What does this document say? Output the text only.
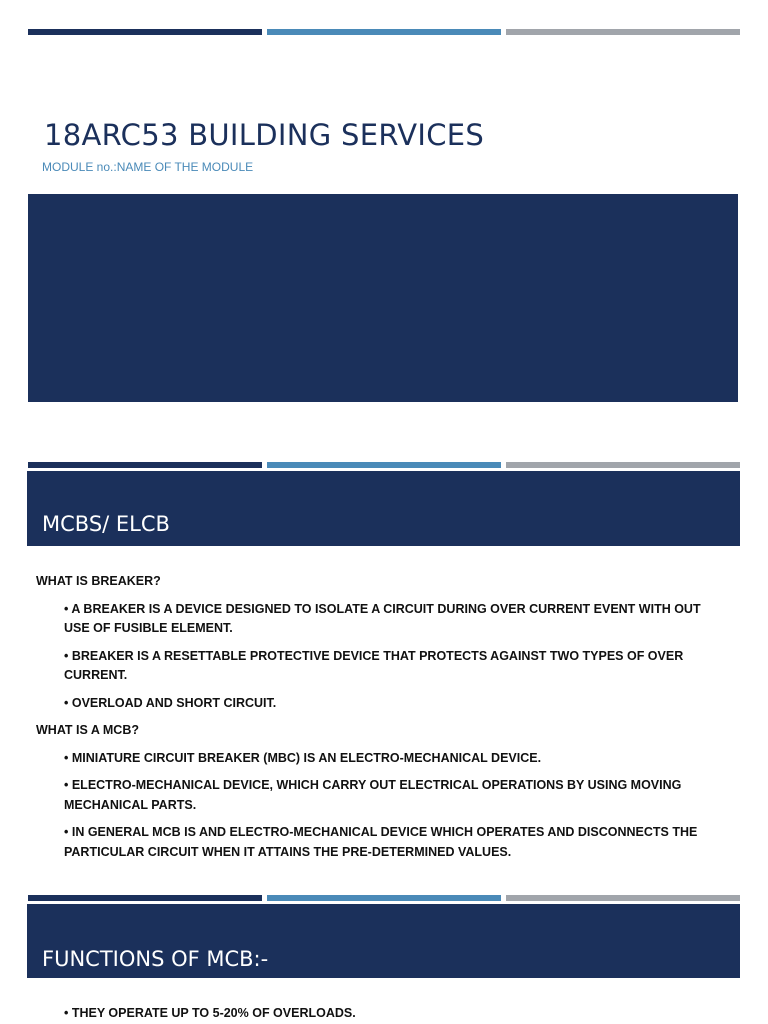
18ARC53 BUILDING SERVICES

MODULE no.:NAME OF THE MODULE

MCBS/ ELCB

WHAT IS BREAKER?

• A BREAKER IS A DEVICE DESIGNED TO ISOLATE A CIRCUIT DURING OVER CURRENT EVENT WITH OUT USE OF FUSIBLE ELEMENT.

• BREAKER IS A RESETTABLE PROTECTIVE DEVICE THAT PROTECTS AGAINST TWO TYPES OF OVER CURRENT.

• OVERLOAD AND SHORT CIRCUIT.

WHAT IS A MCB?

• MINIATURE CIRCUIT BREAKER (MBC) IS AN ELECTRO-MECHANICAL DEVICE.

• ELECTRO-MECHANICAL DEVICE, WHICH CARRY OUT ELECTRICAL OPERATIONS BY USING MOVING MECHANICAL PARTS.

• IN GENERAL MCB IS AND ELECTRO-MECHANICAL DEVICE WHICH OPERATES AND DISCONNECTS THE PARTICULAR CIRCUIT WHEN IT ATTAINS THE PRE-DETERMINED VALUES.

FUNCTIONS OF MCB:-

• THEY OPERATE UP TO 5-20% OF OVERLOADS.
